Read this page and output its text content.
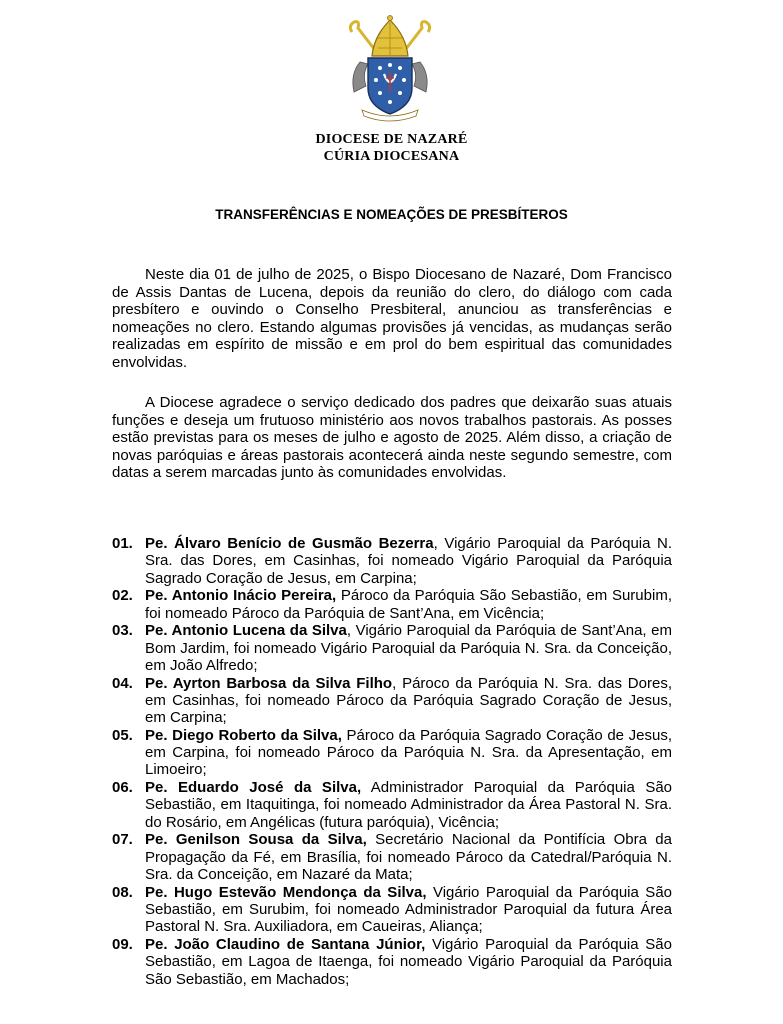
DIOCESE DE NAZARÉ
CÚRIA DIOCESANA
TRANSFERÊNCIAS E NOMEAÇÕES DE PRESBÍTEROS

Neste dia 01 de julho de 2025, o Bispo Diocesano de Nazaré, Dom Francisco de Assis Dantas de Lucena, depois da reunião do clero, do diálogo com cada presbítero e ouvindo o Conselho Presbiteral, anunciou as transferências e nomeações no clero. Estando algumas provisões já vencidas, as mudanças serão realizadas em espírito de missão e em prol do bem espiritual das comunidades envolvidas.

A Diocese agradece o serviço dedicado dos padres que deixarão suas atuais funções e deseja um frutuoso ministério aos novos trabalhos pastorais. As posses estão previstas para os meses de julho e agosto de 2025. Além disso, a criação de novas paróquias e áreas pastorais acontecerá ainda neste segundo semestre, com datas a serem marcadas junto às comunidades envolvidas.

01. Pe. Álvaro Benício de Gusmão Bezerra, Vigário Paroquial da Paróquia N. Sra. das Dores, em Casinhas, foi nomeado Vigário Paroquial da Paróquia Sagrado Coração de Jesus, em Carpina;
02. Pe. Antonio Inácio Pereira, Pároco da Paróquia São Sebastião, em Surubim, foi nomeado Pároco da Paróquia de Sant’Ana, em Vicência;
03. Pe. Antonio Lucena da Silva, Vigário Paroquial da Paróquia de Sant’Ana, em Bom Jardim, foi nomeado Vigário Paroquial da Paróquia N. Sra. da Conceição, em João Alfredo;
04. Pe. Ayrton Barbosa da Silva Filho, Pároco da Paróquia N. Sra. das Dores, em Casinhas, foi nomeado Pároco da Paróquia Sagrado Coração de Jesus, em Carpina;
05. Pe. Diego Roberto da Silva, Pároco da Paróquia Sagrado Coração de Jesus, em Carpina, foi nomeado Pároco da Paróquia N. Sra. da Apresentação, em Limoeiro;
06. Pe. Eduardo José da Silva, Administrador Paroquial da Paróquia São Sebastião, em Itaquitinga, foi nomeado Administrador da Área Pastoral N. Sra. do Rosário, em Angélicas (futura paróquia), Vicência;
07. Pe. Genilson Sousa da Silva, Secretário Nacional da Pontifícia Obra da Propagação da Fé, em Brasília, foi nomeado Pároco da Catedral/Paróquia N. Sra. da Conceição, em Nazaré da Mata;
08. Pe. Hugo Estevão Mendonça da Silva, Vigário Paroquial da Paróquia São Sebastião, em Surubim, foi nomeado Administrador Paroquial da futura Área Pastoral N. Sra. Auxiliadora, em Caueiras, Aliança;
09. Pe. João Claudino de Santana Júnior, Vigário Paroquial da Paróquia São Sebastião, em Lagoa de Itaenga, foi nomeado Vigário Paroquial da Paróquia São Sebastião, em Machados;
